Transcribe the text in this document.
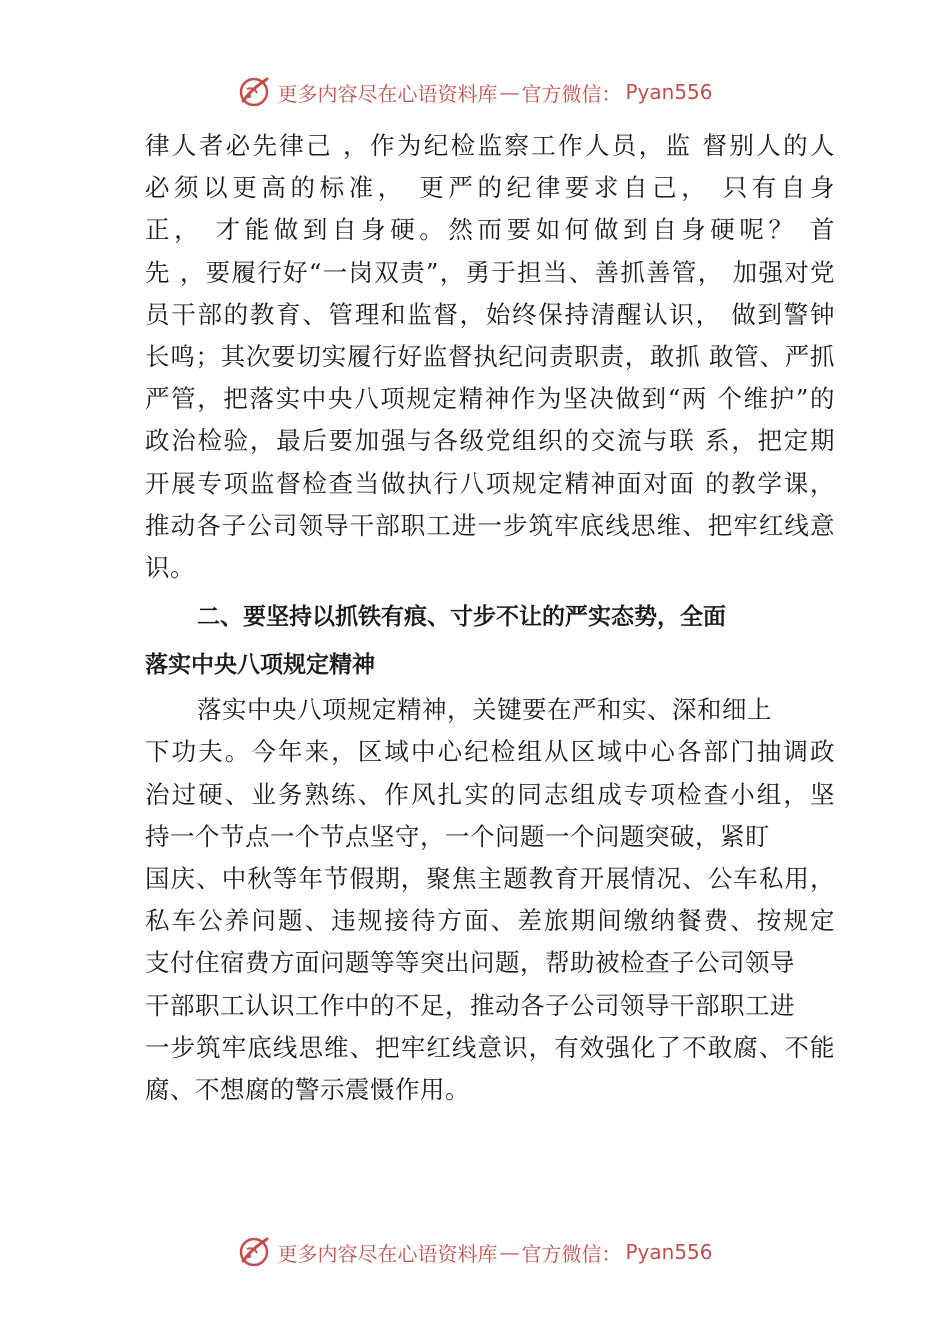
更多内容尽在心语资料库 — 官方微信： Pyan556
律人者必先律己 ，作为纪检监察工作人员，监 督别人的人
必须以更高的标准， 更严的纪律要求自己， 只有自身
正， 才能做到自身硬。然而要如何做到自身硬呢？ 首
先 ，要履行好“一岗双责”，勇于担当、善抓善管， 加强对党
员干部的教育、管理和监督，始终保持清醒认识， 做到警钟
长鸣；其次要切实履行好监督执纪问责职责，敢抓 敢管、严抓
严管，把落实中央八项规定精神作为坚决做到“两 个维护”的
政治检验，最后要加强与各级党组织的交流与联 系，把定期
开展专项监督检查当做执行八项规定精神面对面 的教学课，
推动各子公司领导干部职工进一步筑牢底线思维、把牢红线意
识。
二、要坚持以抓铁有痕、寸步不让的严实态势，全面
落实中央八项规定精神
落实中央八项规定精神，关键要在严和实、深和细上
下功夫。今年来，区域中心纪检组从区域中心各部门抽调政
治过硬、业务熟练、作风扎实的同志组成专项检查小组，坚
持一个节点一个节点坚守，一个问题一个问题突破，紧盯
国庆、中秋等年节假期，聚焦主题教育开展情况、公车私用，
私车公养问题、违规接待方面、差旅期间缴纳餐费、按规定
支付住宿费方面问题等等突出问题，帮助被检查子公司领导
干部职工认识工作中的不足，推动各子公司领导干部职工进
一步筑牢底线思维、把牢红线意识，有效强化了不敢腐、不能
腐、不想腐的警示震慑作用。
更多内容尽在心语资料库 — 官方微信： Pyan556
